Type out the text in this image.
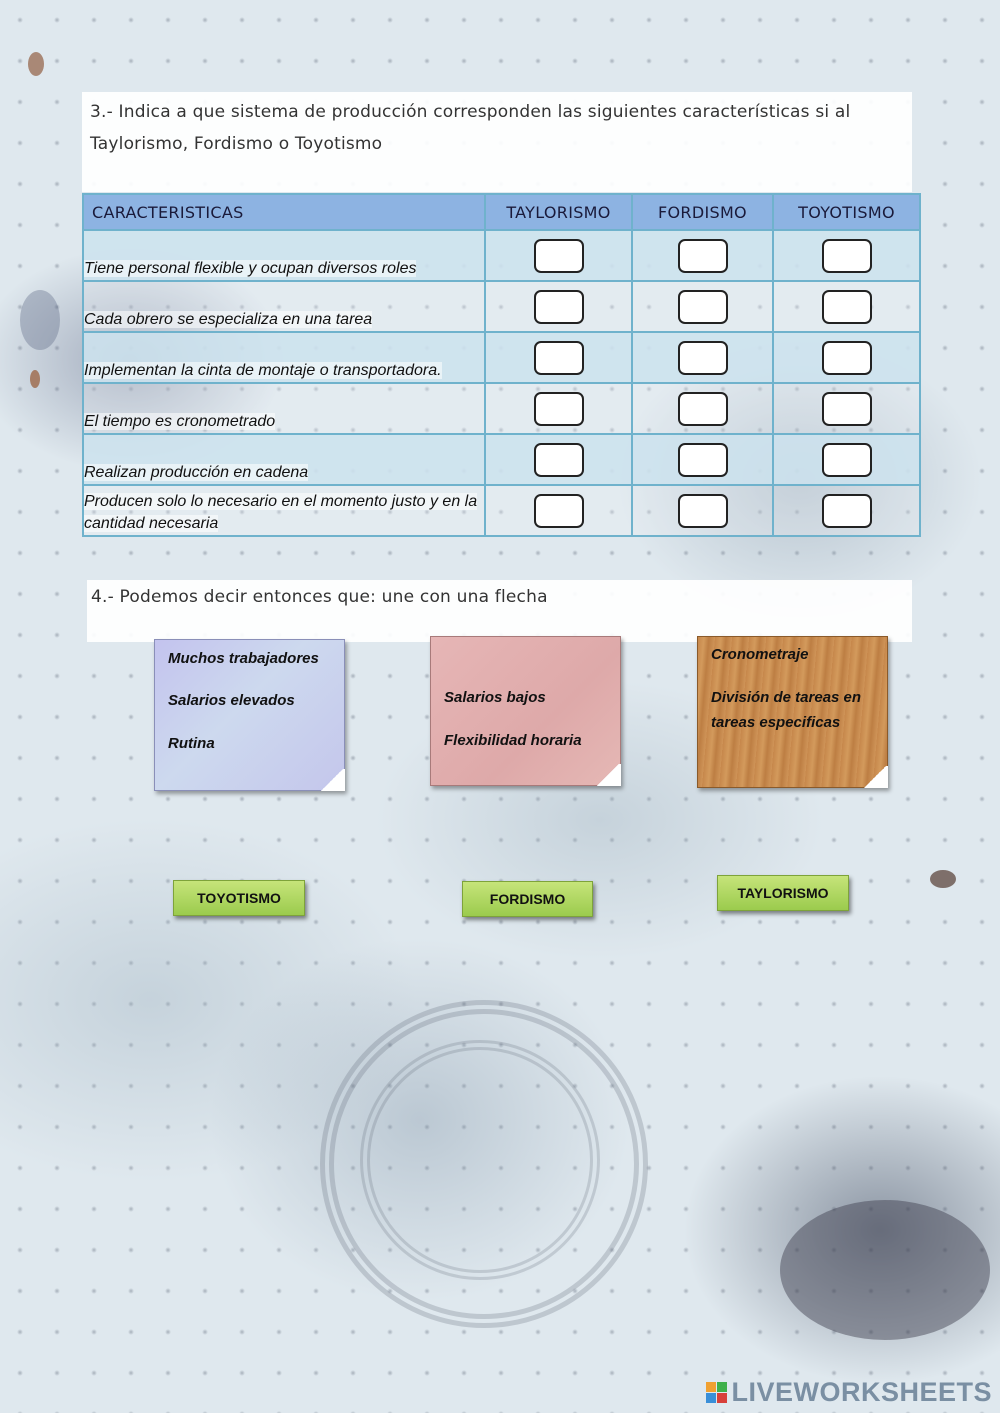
3.- Indica a que sistema de producción corresponden las siguientes características si al
Taylorismo, Fordismo o Toyotismo
CARACTERISTICAS	TAYLORISMO	FORDISMO	TOYOTISMO
Tiene personal flexible y ocupan diversos roles	

Cada obrero se especializa en una tarea	

Implementan la cinta de montaje o transportadora.	

El tiempo es cronometrado	

Realizan producción en cadena	

Producen solo lo necesario en el momento justo y en la cantidad necesaria	

4.- Podemos decir entonces que: une con una flecha

Muchos trabajadores

Salarios elevados

Rutina

Salarios bajos

Flexibilidad horaria

Cronometraje

División de tareas en

tareas especificas

TOYOTISMO	FORDISMO	TAYLORISMO
LIVEWORKSHEETS
